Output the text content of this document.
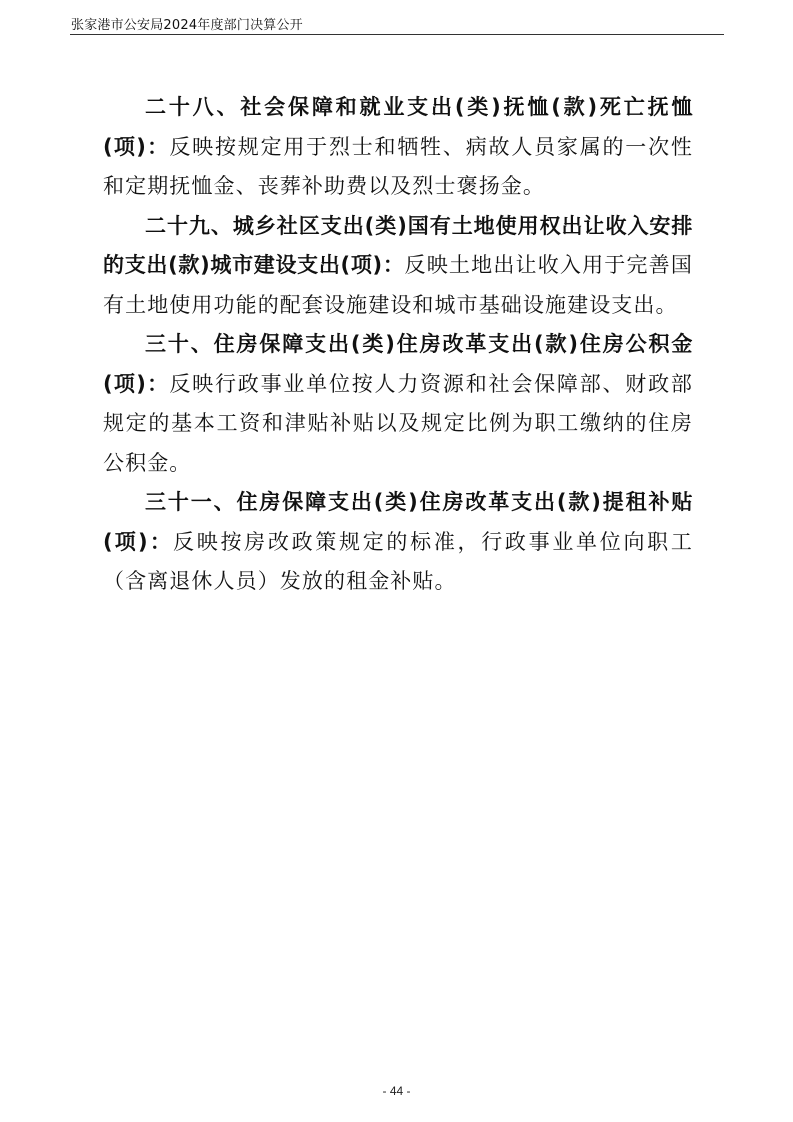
张家港市公安局2024年度部门决算公开

二十八、社会保障和就业支出(类)抚恤(款)死亡抚恤(项)：反映按规定用于烈士和牺牲、病故人员家属的一次性和定期抚恤金、丧葬补助费以及烈士褒扬金。

二十九、城乡社区支出(类)国有土地使用权出让收入安排的支出(款)城市建设支出(项)：反映土地出让收入用于完善国有土地使用功能的配套设施建设和城市基础设施建设支出。

三十、住房保障支出(类)住房改革支出(款)住房公积金(项)：反映行政事业单位按人力资源和社会保障部、财政部规定的基本工资和津贴补贴以及规定比例为职工缴纳的住房公积金。

三十一、住房保障支出(类)住房改革支出(款)提租补贴(项)：反映按房改政策规定的标准，行政事业单位向职工（含离退休人员）发放的租金补贴。

- 44 -
